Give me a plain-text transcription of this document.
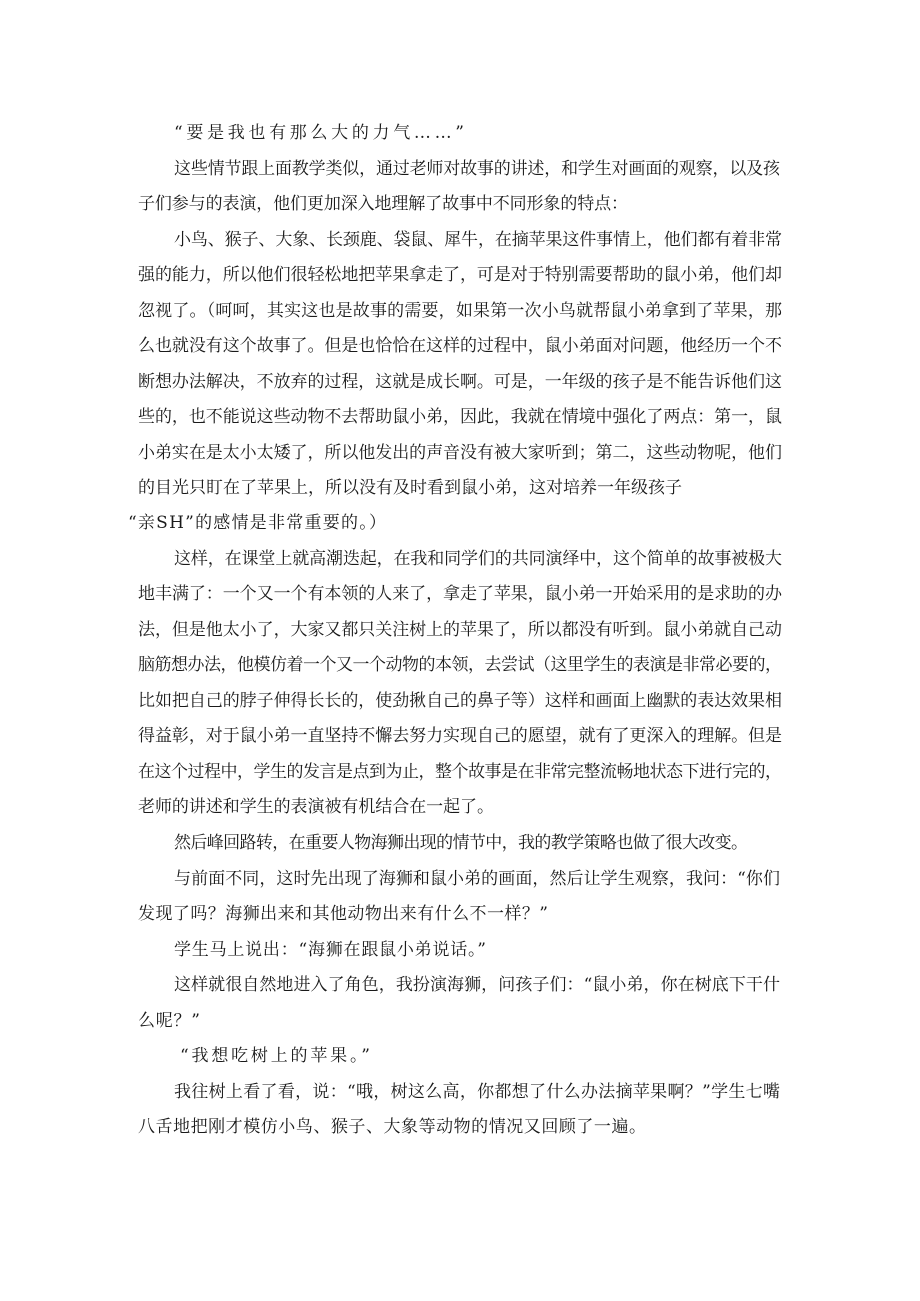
“要是我也有那么大的力气……”
这些情节跟上面教学类似，通过老师对故事的讲述，和学生对画面的观察，以及孩
子们参与的表演，他们更加深入地理解了故事中不同形象的特点：
小鸟、猴子、大象、长颈鹿、袋鼠、犀牛，在摘苹果这件事情上，他们都有着非常
强的能力，所以他们很轻松地把苹果拿走了，可是对于特别需要帮助的鼠小弟，他们却
忽视了。（呵呵，其实这也是故事的需要，如果第一次小鸟就帮鼠小弟拿到了苹果，那
么也就没有这个故事了。但是也恰恰在这样的过程中，鼠小弟面对问题，他经历一个不
断想办法解决，不放弃的过程，这就是成长啊。可是，一年级的孩子是不能告诉他们这
些的，也不能说这些动物不去帮助鼠小弟，因此，我就在情境中强化了两点：第一，鼠
小弟实在是太小太矮了，所以他发出的声音没有被大家听到；第二，这些动物呢，他们
的目光只盯在了苹果上，所以没有及时看到鼠小弟，这对培养一年级孩子
“亲SH”的感情是非常重要的。）
这样，在课堂上就高潮迭起，在我和同学们的共同演绎中，这个简单的故事被极大
地丰满了：一个又一个有本领的人来了，拿走了苹果，鼠小弟一开始采用的是求助的办
法，但是他太小了，大家又都只关注树上的苹果了，所以都没有听到。鼠小弟就自己动
脑筋想办法，他模仿着一个又一个动物的本领，去尝试（这里学生的表演是非常必要的，
比如把自己的脖子伸得长长的，使劲揪自己的鼻子等）这样和画面上幽默的表达效果相
得益彰，对于鼠小弟一直坚持不懈去努力实现自己的愿望，就有了更深入的理解。但是
在这个过程中，学生的发言是点到为止，整个故事是在非常完整流畅地状态下进行完的，
老师的讲述和学生的表演被有机结合在一起了。
然后峰回路转，在重要人物海狮出现的情节中，我的教学策略也做了很大改变。
与前面不同，这时先出现了海狮和鼠小弟的画面，然后让学生观察，我问：“你们
发现了吗？海狮出来和其他动物出来有什么不一样？”
学生马上说出：“海狮在跟鼠小弟说话。”
这样就很自然地进入了角色，我扮演海狮，问孩子们：“鼠小弟，你在树底下干什
么呢？”
“我想吃树上的苹果。”
我往树上看了看，说：“哦，树这么高，你都想了什么办法摘苹果啊？”学生七嘴
八舌地把刚才模仿小鸟、猴子、大象等动物的情况又回顾了一遍。
